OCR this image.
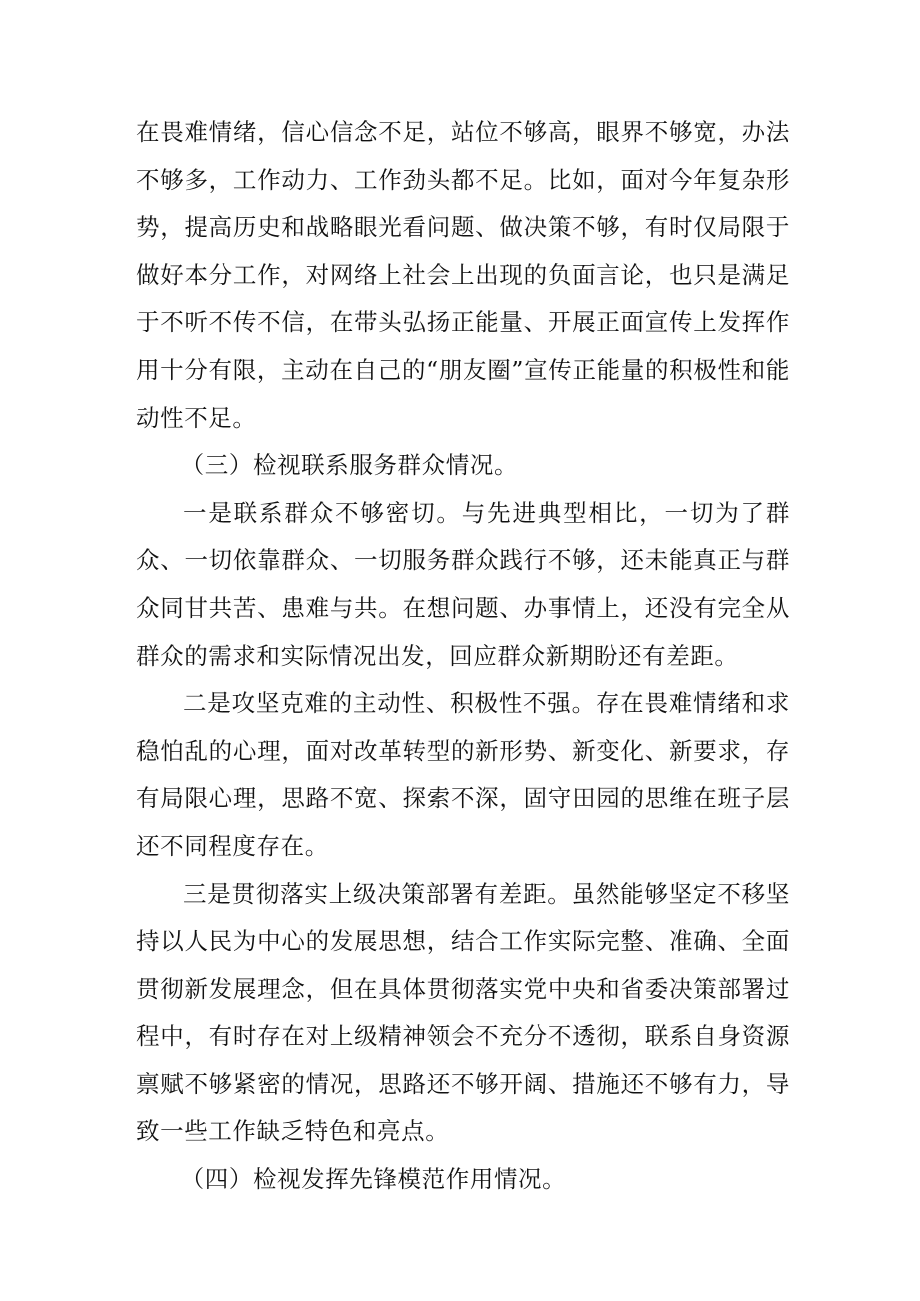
在畏难情绪，信心信念不足，站位不够高，眼界不够宽，办法不够多，工作动力、工作劲头都不足。比如，面对今年复杂形势，提高历史和战略眼光看问题、做决策不够，有时仅局限于做好本分工作，对网络上社会上出现的负面言论，也只是满足于不听不传不信，在带头弘扬正能量、开展正面宣传上发挥作用十分有限，主动在自己的“朋友圈”宣传正能量的积极性和能动性不足。

（三）检视联系服务群众情况。

一是联系群众不够密切。与先进典型相比，一切为了群众、一切依靠群众、一切服务群众践行不够，还未能真正与群众同甘共苦、患难与共。在想问题、办事情上，还没有完全从群众的需求和实际情况出发，回应群众新期盼还有差距。

二是攻坚克难的主动性、积极性不强。存在畏难情绪和求稳怕乱的心理，面对改革转型的新形势、新变化、新要求，存有局限心理，思路不宽、探索不深，固守田园的思维在班子层还不同程度存在。

三是贯彻落实上级决策部署有差距。虽然能够坚定不移坚持以人民为中心的发展思想，结合工作实际完整、准确、全面贯彻新发展理念，但在具体贯彻落实党中央和省委决策部署过程中，有时存在对上级精神领会不充分不透彻，联系自身资源禀赋不够紧密的情况，思路还不够开阔、措施还不够有力，导致一些工作缺乏特色和亮点。

（四）检视发挥先锋模范作用情况。
